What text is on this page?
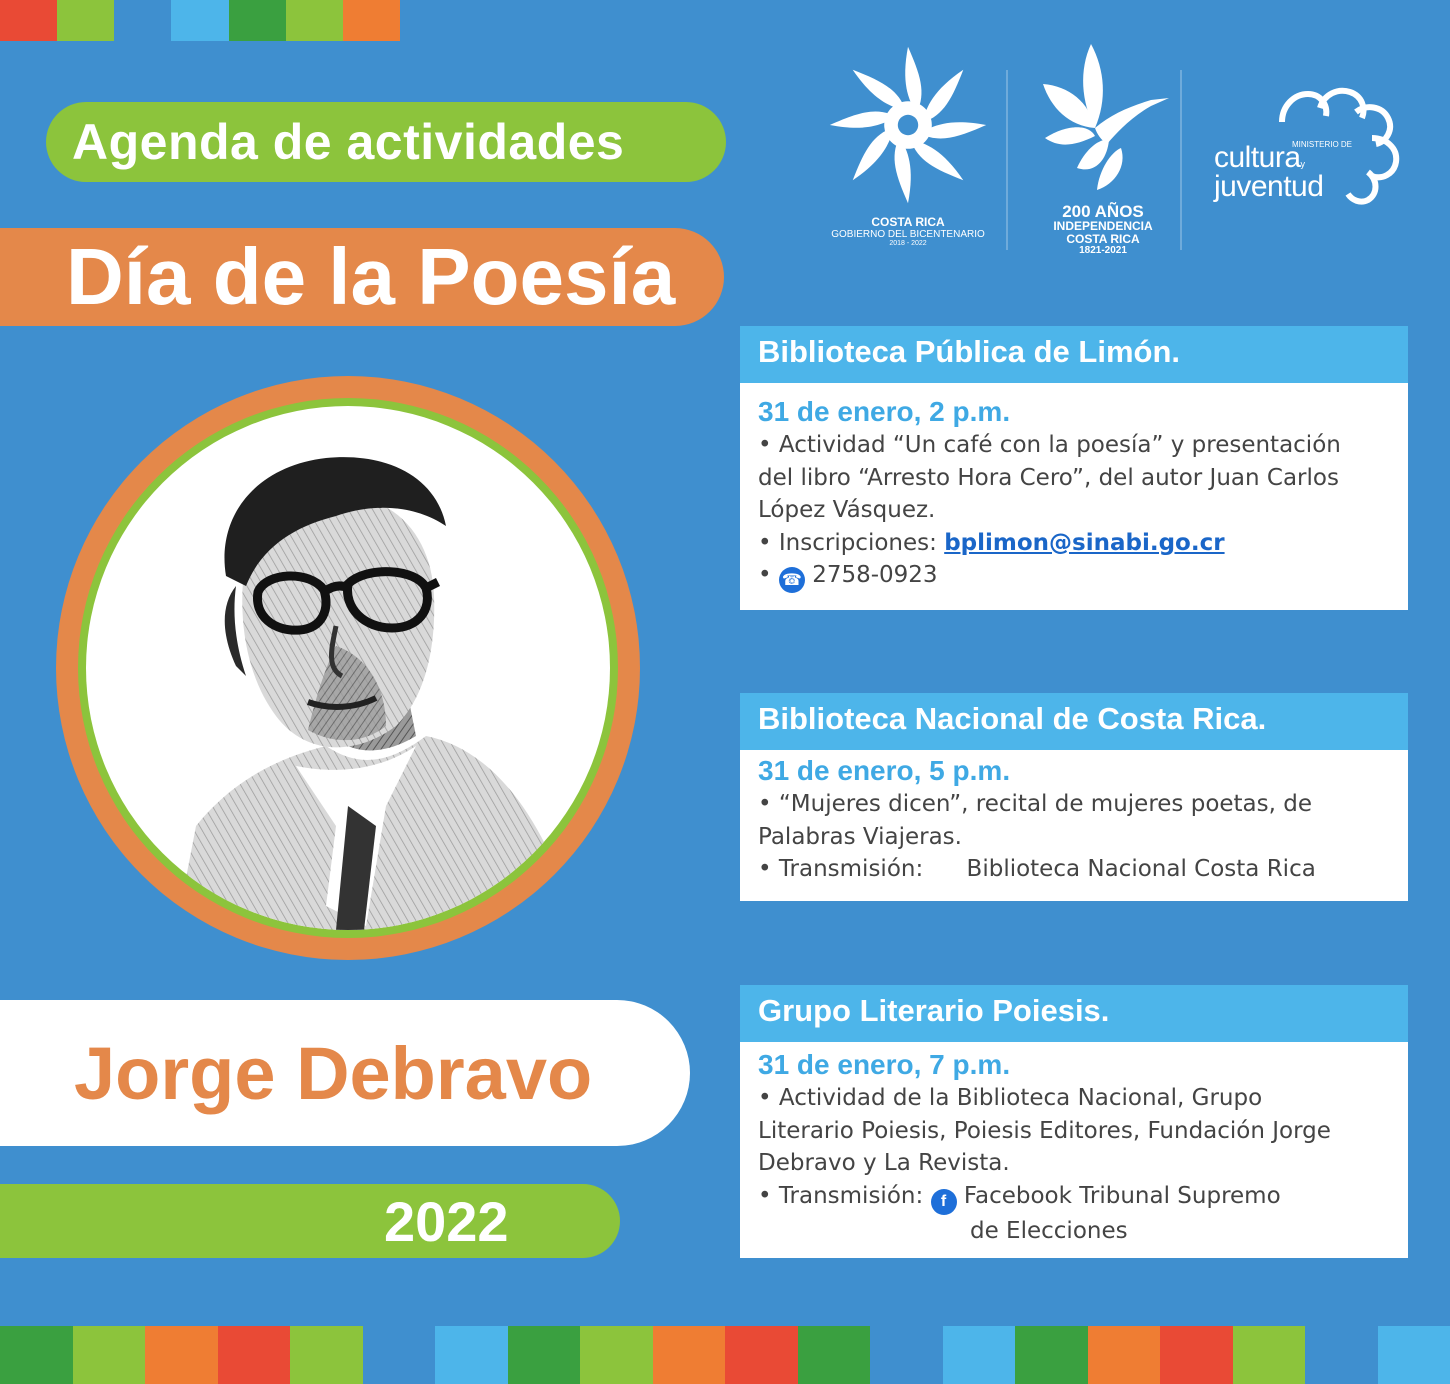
Agenda de actividades
Día de la Poesía
COSTA RICA
GOBIERNO DEL BICENTENARIO
2018 - 2022
200 AÑOS
INDEPENDENCIA
COSTA RICA
1821-2021
MINISTERIO DE
culturay
juventud
Jorge Debravo
2022
Biblioteca Pública de Limón.
31 de enero, 2 p.m.
• Actividad “Un café con la poesía” y presentación
del libro “Arresto Hora Cero”, del autor Juan Carlos
López Vásquez.
• Inscripciones: bplimon@sinabi.go.cr
• ☎ 2758-0923
Biblioteca Nacional de Costa Rica.
31 de enero, 5 p.m.
• “Mujeres dicen”, recital de mujeres poetas, de
Palabras Viajeras.
• Transmisión: Biblioteca Nacional Costa Rica
Grupo Literario Poiesis.
31 de enero, 7 p.m.
• Actividad de la Biblioteca Nacional, Grupo
Literario Poiesis, Poiesis Editores, Fundación Jorge
Debravo y La Revista.
• Transmisión: f Facebook Tribunal Supremo
de Elecciones
